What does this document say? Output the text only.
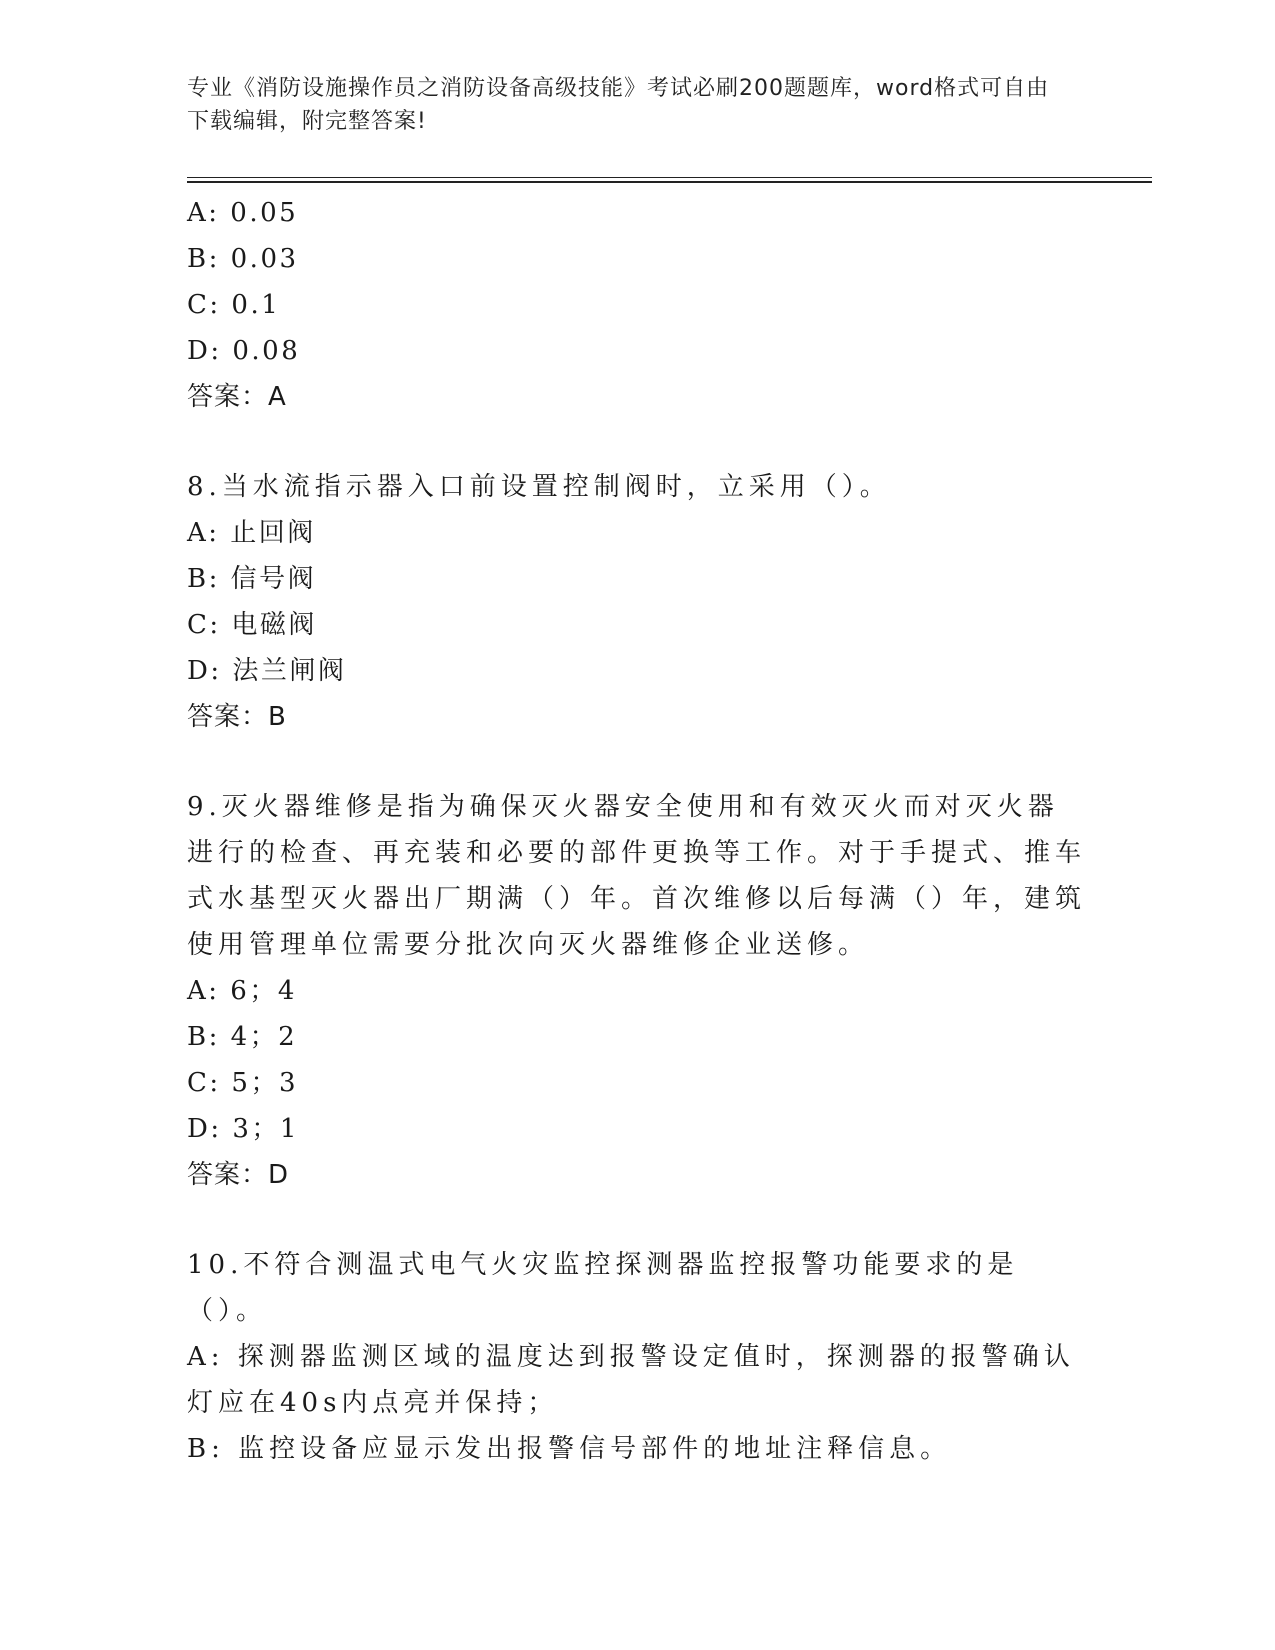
专业《消防设施操作员之消防设备高级技能》考试必刷200题题库，word格式可自由下载编辑，附完整答案!
A: 0.05
B: 0.03
C: 0.1
D: 0.08
答案：A
8.当水流指示器入口前设置控制阀时，立采用（）。
A: 止回阀
B: 信号阀
C: 电磁阀
D: 法兰闸阀
答案：B
9.灭火器维修是指为确保灭火器安全使用和有效灭火而对灭火器进行的检查、再充装和必要的部件更换等工作。对于手提式、推车式水基型灭火器出厂期满（）年。首次维修以后每满（）年，建筑使用管理单位需要分批次向灭火器维修企业送修。
A: 6；4
B: 4；2
C: 5；3
D: 3；1
答案：D
10.不符合测温式电气火灾监控探测器监控报警功能要求的是（）。
A: 探测器监测区域的温度达到报警设定值时，探测器的报警确认灯应在40s内点亮并保持；
B: 监控设备应显示发出报警信号部件的地址注释信息。
